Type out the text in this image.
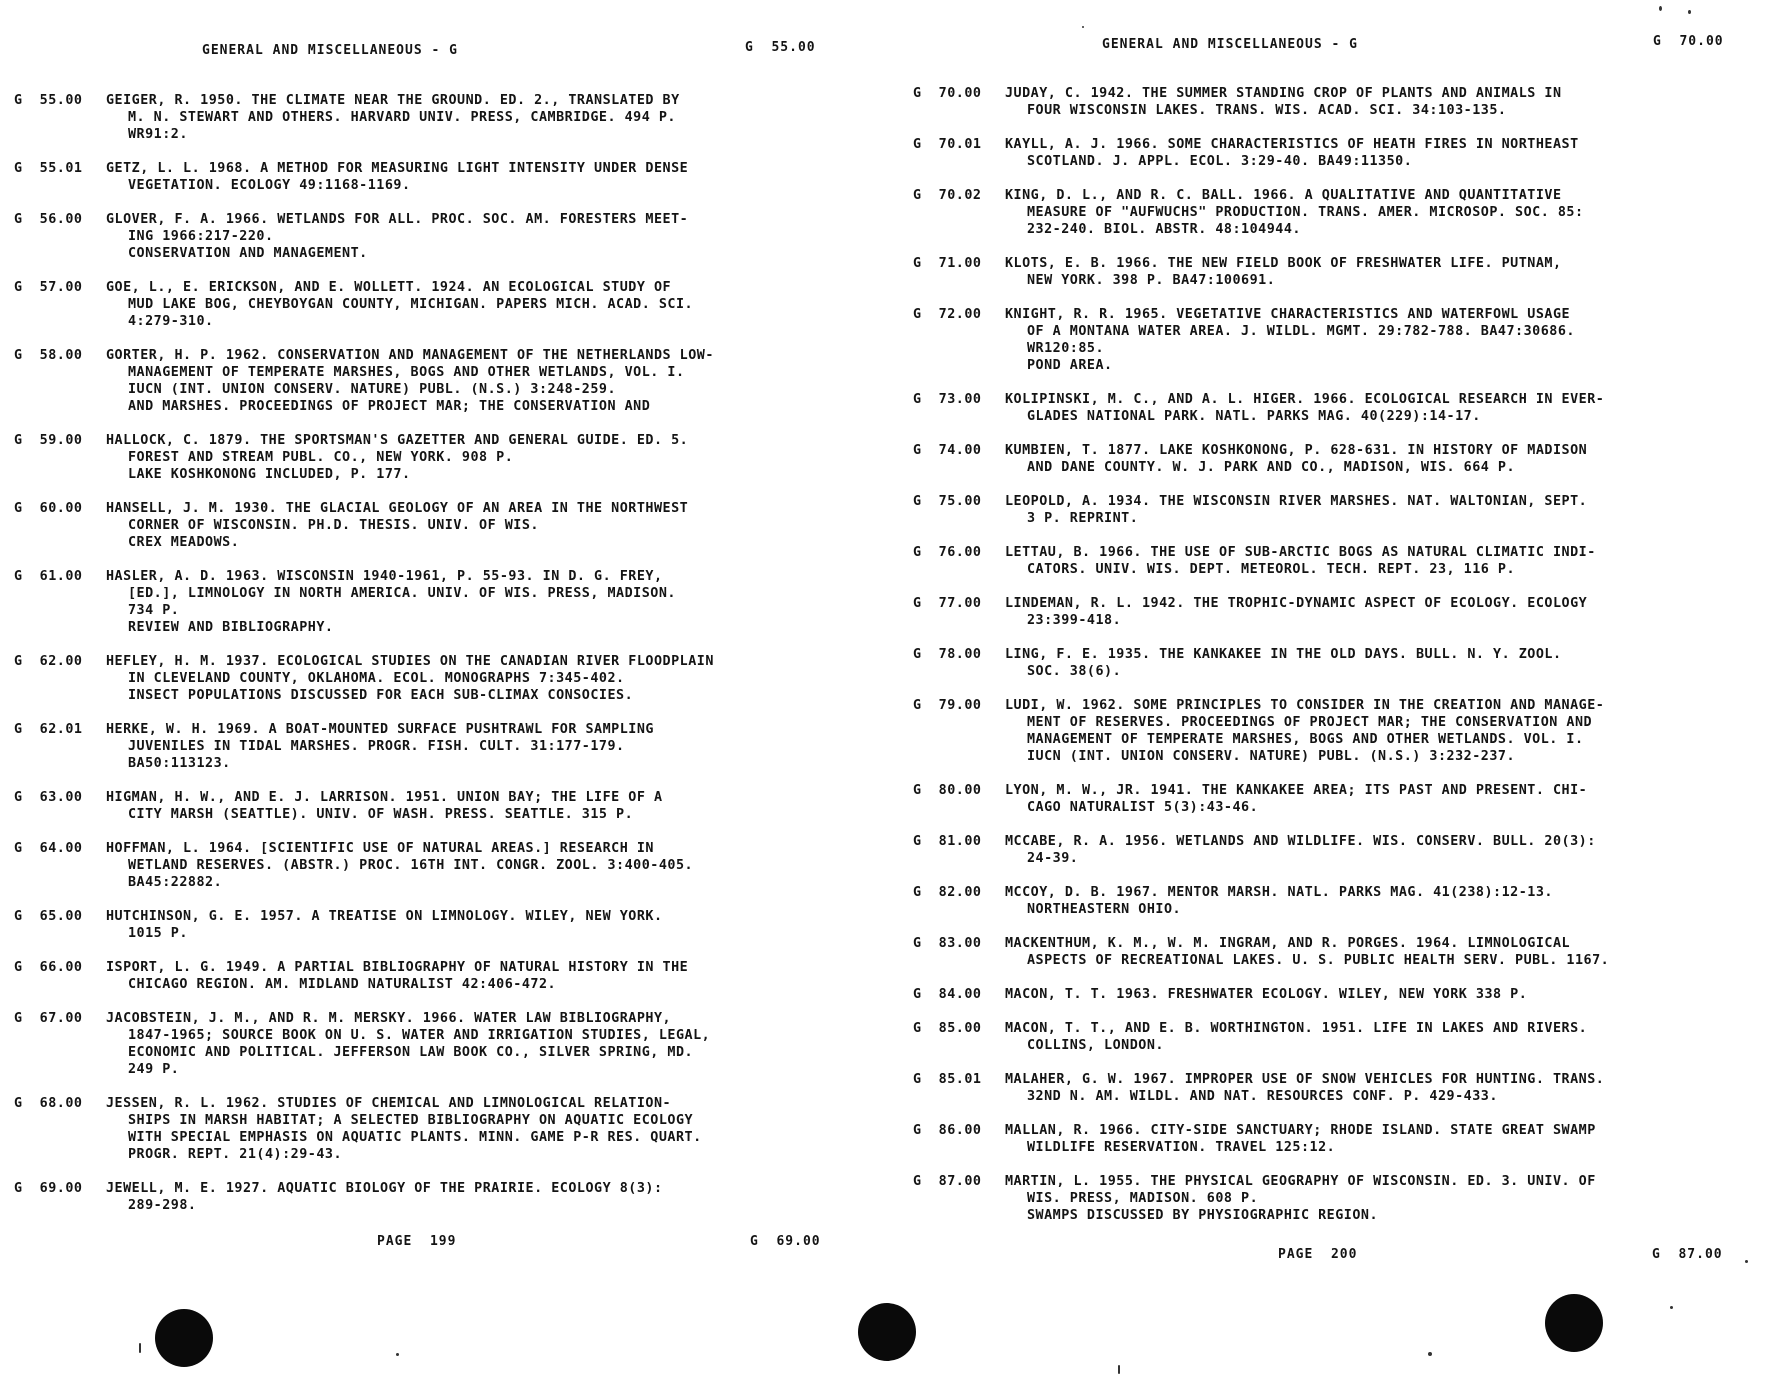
GENERAL AND MISCELLANEOUS - G	G  55.00
G  55.00	GEIGER, R. 1950. THE CLIMATE NEAR THE GROUND. ED. 2., TRANSLATED BY
M. N. STEWART AND OTHERS. HARVARD UNIV. PRESS, CAMBRIDGE. 494 P.
WR91:2.
G  55.01	GETZ, L. L. 1968. A METHOD FOR MEASURING LIGHT INTENSITY UNDER DENSE
VEGETATION. ECOLOGY 49:1168-1169.
G  56.00	GLOVER, F. A. 1966. WETLANDS FOR ALL. PROC. SOC. AM. FORESTERS MEET-
ING 1966:217-220.
CONSERVATION AND MANAGEMENT.
G  57.00	GOE, L., E. ERICKSON, AND E. WOLLETT. 1924. AN ECOLOGICAL STUDY OF
MUD LAKE BOG, CHEYBOYGAN COUNTY, MICHIGAN. PAPERS MICH. ACAD. SCI.
4:279-310.
G  58.00	GORTER, H. P. 1962. CONSERVATION AND MANAGEMENT OF THE NETHERLANDS LOW-
MANAGEMENT OF TEMPERATE MARSHES, BOGS AND OTHER WETLANDS, VOL. I.
IUCN (INT. UNION CONSERV. NATURE) PUBL. (N.S.) 3:248-259.
AND MARSHES. PROCEEDINGS OF PROJECT MAR; THE CONSERVATION AND
G  59.00	HALLOCK, C. 1879. THE SPORTSMAN'S GAZETTER AND GENERAL GUIDE. ED. 5.
FOREST AND STREAM PUBL. CO., NEW YORK. 908 P.
LAKE KOSHKONONG INCLUDED, P. 177.
G  60.00	HANSELL, J. M. 1930. THE GLACIAL GEOLOGY OF AN AREA IN THE NORTHWEST
CORNER OF WISCONSIN. PH.D. THESIS. UNIV. OF WIS.
CREX MEADOWS.
G  61.00	HASLER, A. D. 1963. WISCONSIN 1940-1961, P. 55-93. IN D. G. FREY,
[ED.], LIMNOLOGY IN NORTH AMERICA. UNIV. OF WIS. PRESS, MADISON.
734 P.
REVIEW AND BIBLIOGRAPHY.
G  62.00	HEFLEY, H. M. 1937. ECOLOGICAL STUDIES ON THE CANADIAN RIVER FLOODPLAIN
IN CLEVELAND COUNTY, OKLAHOMA. ECOL. MONOGRAPHS 7:345-402.
INSECT POPULATIONS DISCUSSED FOR EACH SUB-CLIMAX CONSOCIES.
G  62.01	HERKE, W. H. 1969. A BOAT-MOUNTED SURFACE PUSHTRAWL FOR SAMPLING
JUVENILES IN TIDAL MARSHES. PROGR. FISH. CULT. 31:177-179.
BA50:113123.
G  63.00	HIGMAN, H. W., AND E. J. LARRISON. 1951. UNION BAY; THE LIFE OF A
CITY MARSH (SEATTLE). UNIV. OF WASH. PRESS. SEATTLE. 315 P.
G  64.00	HOFFMAN, L. 1964. [SCIENTIFIC USE OF NATURAL AREAS.] RESEARCH IN
WETLAND RESERVES. (ABSTR.) PROC. 16TH INT. CONGR. ZOOL. 3:400-405.
BA45:22882.
G  65.00	HUTCHINSON, G. E. 1957. A TREATISE ON LIMNOLOGY. WILEY, NEW YORK.
1015 P.
G  66.00	ISPORT, L. G. 1949. A PARTIAL BIBLIOGRAPHY OF NATURAL HISTORY IN THE
CHICAGO REGION. AM. MIDLAND NATURALIST 42:406-472.
G  67.00	JACOBSTEIN, J. M., AND R. M. MERSKY. 1966. WATER LAW BIBLIOGRAPHY,
1847-1965; SOURCE BOOK ON U. S. WATER AND IRRIGATION STUDIES, LEGAL,
ECONOMIC AND POLITICAL. JEFFERSON LAW BOOK CO., SILVER SPRING, MD.
249 P.
G  68.00	JESSEN, R. L. 1962. STUDIES OF CHEMICAL AND LIMNOLOGICAL RELATION-
SHIPS IN MARSH HABITAT; A SELECTED BIBLIOGRAPHY ON AQUATIC ECOLOGY
WITH SPECIAL EMPHASIS ON AQUATIC PLANTS. MINN. GAME P-R RES. QUART.
PROGR. REPT. 21(4):29-43.
G  69.00	JEWELL, M. E. 1927. AQUATIC BIOLOGY OF THE PRAIRIE. ECOLOGY 8(3):
289-298.
PAGE  199	G  69.00
GENERAL AND MISCELLANEOUS - G	G  70.00
G  70.00	JUDAY, C. 1942. THE SUMMER STANDING CROP OF PLANTS AND ANIMALS IN
FOUR WISCONSIN LAKES. TRANS. WIS. ACAD. SCI. 34:103-135.
G  70.01	KAYLL, A. J. 1966. SOME CHARACTERISTICS OF HEATH FIRES IN NORTHEAST
SCOTLAND. J. APPL. ECOL. 3:29-40. BA49:11350.
G  70.02	KING, D. L., AND R. C. BALL. 1966. A QUALITATIVE AND QUANTITATIVE
MEASURE OF "AUFWUCHS" PRODUCTION. TRANS. AMER. MICROSOP. SOC. 85:
232-240. BIOL. ABSTR. 48:104944.
G  71.00	KLOTS, E. B. 1966. THE NEW FIELD BOOK OF FRESHWATER LIFE. PUTNAM,
NEW YORK. 398 P. BA47:100691.
G  72.00	KNIGHT, R. R. 1965. VEGETATIVE CHARACTERISTICS AND WATERFOWL USAGE
OF A MONTANA WATER AREA. J. WILDL. MGMT. 29:782-788. BA47:30686.
WR120:85.
POND AREA.
G  73.00	KOLIPINSKI, M. C., AND A. L. HIGER. 1966. ECOLOGICAL RESEARCH IN EVER-
GLADES NATIONAL PARK. NATL. PARKS MAG. 40(229):14-17.
G  74.00	KUMBIEN, T. 1877. LAKE KOSHKONONG, P. 628-631. IN HISTORY OF MADISON
AND DANE COUNTY. W. J. PARK AND CO., MADISON, WIS. 664 P.
G  75.00	LEOPOLD, A. 1934. THE WISCONSIN RIVER MARSHES. NAT. WALTONIAN, SEPT.
3 P. REPRINT.
G  76.00	LETTAU, B. 1966. THE USE OF SUB-ARCTIC BOGS AS NATURAL CLIMATIC INDI-
CATORS. UNIV. WIS. DEPT. METEOROL. TECH. REPT. 23, 116 P.
G  77.00	LINDEMAN, R. L. 1942. THE TROPHIC-DYNAMIC ASPECT OF ECOLOGY. ECOLOGY
23:399-418.
G  78.00	LING, F. E. 1935. THE KANKAKEE IN THE OLD DAYS. BULL. N. Y. ZOOL.
SOC. 38(6).
G  79.00	LUDI, W. 1962. SOME PRINCIPLES TO CONSIDER IN THE CREATION AND MANAGE-
MENT OF RESERVES. PROCEEDINGS OF PROJECT MAR; THE CONSERVATION AND
MANAGEMENT OF TEMPERATE MARSHES, BOGS AND OTHER WETLANDS. VOL. I.
IUCN (INT. UNION CONSERV. NATURE) PUBL. (N.S.) 3:232-237.
G  80.00	LYON, M. W., JR. 1941. THE KANKAKEE AREA; ITS PAST AND PRESENT. CHI-
CAGO NATURALIST 5(3):43-46.
G  81.00	MCCABE, R. A. 1956. WETLANDS AND WILDLIFE. WIS. CONSERV. BULL. 20(3):
24-39.
G  82.00	MCCOY, D. B. 1967. MENTOR MARSH. NATL. PARKS MAG. 41(238):12-13.
NORTHEASTERN OHIO.
G  83.00	MACKENTHUM, K. M., W. M. INGRAM, AND R. PORGES. 1964. LIMNOLOGICAL
ASPECTS OF RECREATIONAL LAKES. U. S. PUBLIC HEALTH SERV. PUBL. 1167.
G  84.00	MACON, T. T. 1963. FRESHWATER ECOLOGY. WILEY, NEW YORK 338 P.
G  85.00	MACON, T. T., AND E. B. WORTHINGTON. 1951. LIFE IN LAKES AND RIVERS.
COLLINS, LONDON.
G  85.01	MALAHER, G. W. 1967. IMPROPER USE OF SNOW VEHICLES FOR HUNTING. TRANS.
32ND N. AM. WILDL. AND NAT. RESOURCES CONF. P. 429-433.
G  86.00	MALLAN, R. 1966. CITY-SIDE SANCTUARY; RHODE ISLAND. STATE GREAT SWAMP
WILDLIFE RESERVATION. TRAVEL 125:12.
G  87.00	MARTIN, L. 1955. THE PHYSICAL GEOGRAPHY OF WISCONSIN. ED. 3. UNIV. OF
WIS. PRESS, MADISON. 608 P.
SWAMPS DISCUSSED BY PHYSIOGRAPHIC REGION.
PAGE  200	G  87.00
